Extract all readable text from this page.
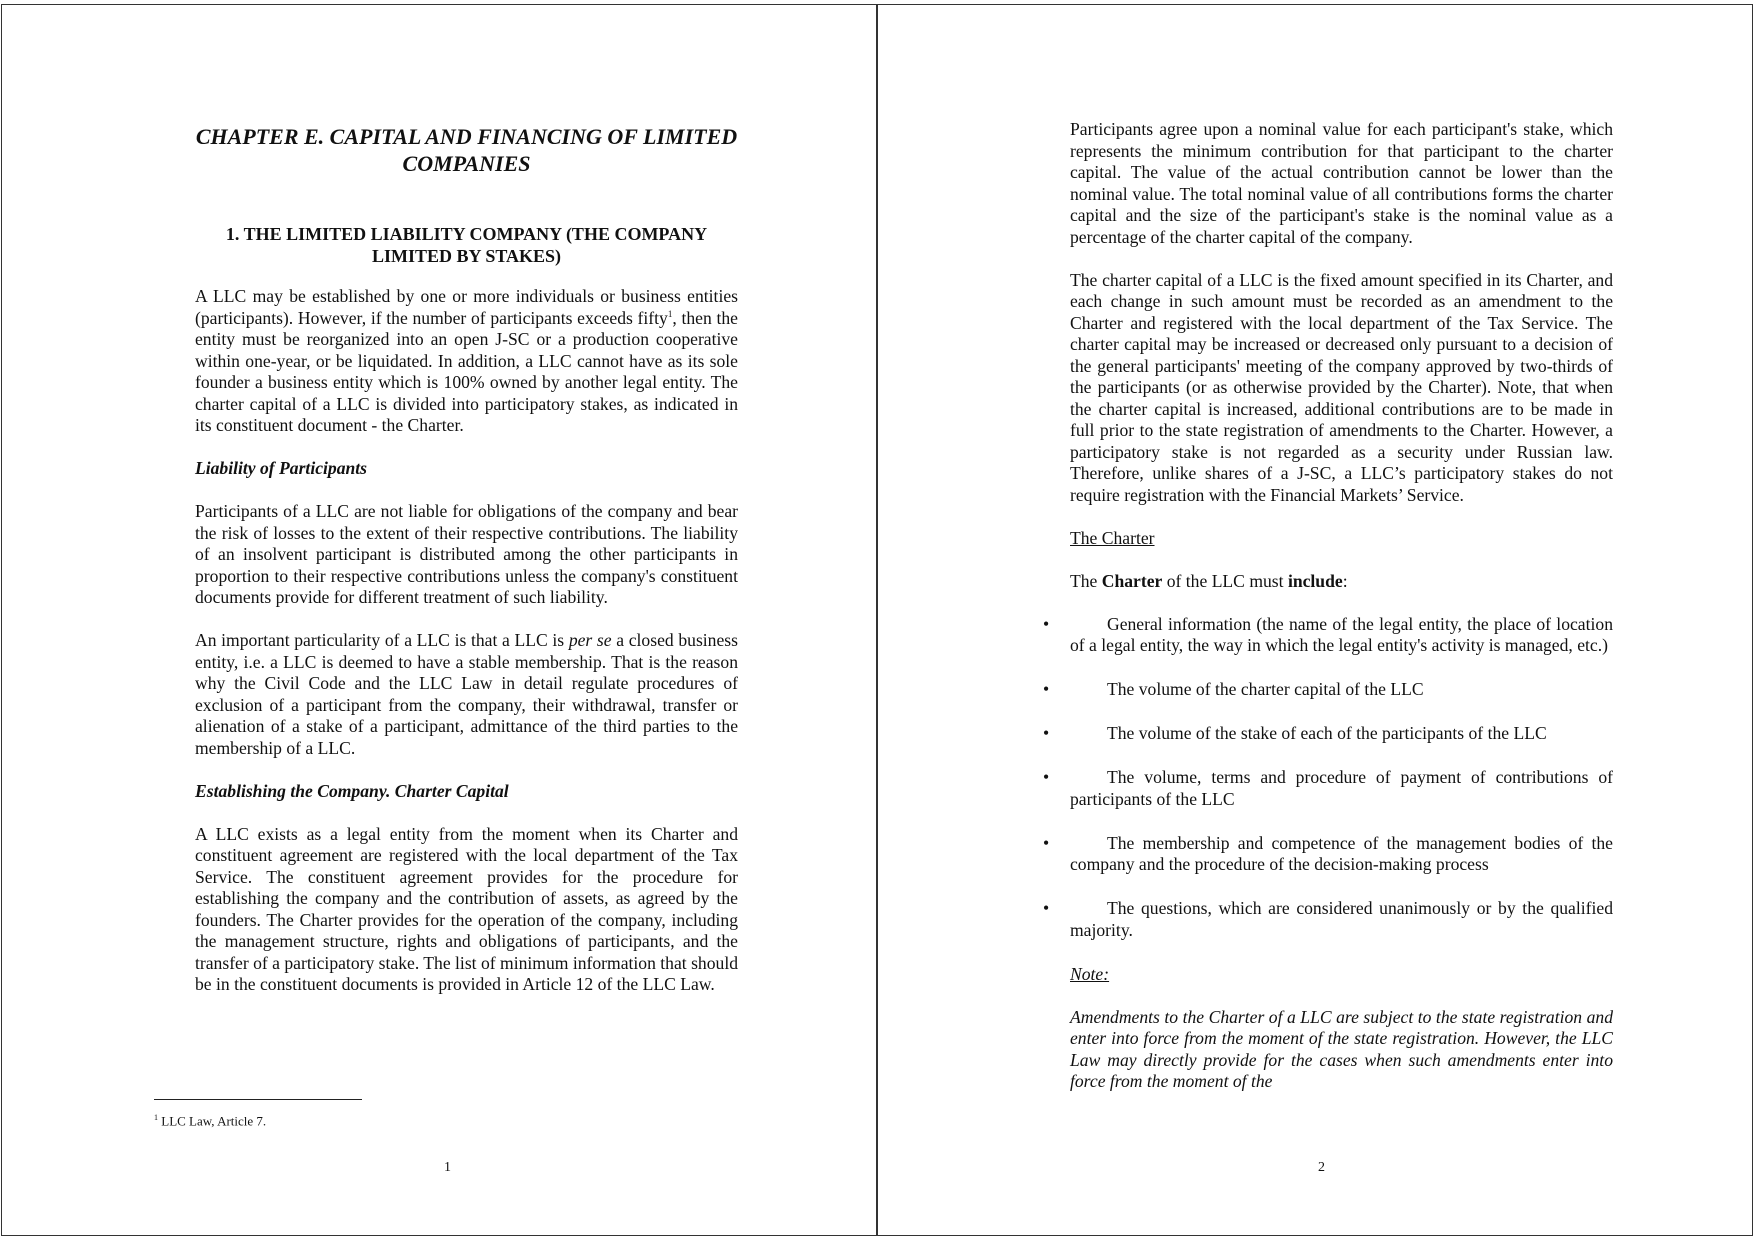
CHAPTER E. CAPITAL AND FINANCING OF LIMITED COMPANIES
1. THE LIMITED LIABILITY COMPANY (THE COMPANY LIMITED BY STAKES)

A LLC may be established by one or more individuals or business entities (participants). However, if the number of participants exceeds fifty$^1$, then the entity must be reorganized into an open J-SC or a production cooperative within one-year, or be liquidated. In addition, a LLC cannot have as its sole founder a business entity which is 100% owned by another legal entity. The charter capital of a LLC is divided into participatory stakes, as indicated in its constituent document - the Charter.

Liability of Participants

Participants of a LLC are not liable for obligations of the company and bear the risk of losses to the extent of their respective contributions. The liability of an insolvent participant is distributed among the other participants in proportion to their respective contributions unless the company's constituent documents provide for different treatment of such liability.

An important particularity of a LLC is that a LLC is per se a closed business entity, i.e. a LLC is deemed to have a stable membership. That is the reason why the Civil Code and the LLC Law in detail regulate procedures of exclusion of a participant from the company, their withdrawal, transfer or alienation of a stake of a participant, admittance of the third parties to the membership of a LLC.

Establishing the Company. Charter Capital

A LLC exists as a legal entity from the moment when its Charter and constituent agreement are registered with the local department of the Tax Service. The constituent agreement provides for the procedure for establishing the company and the contribution of assets, as agreed by the founders. The Charter provides for the operation of the company, including the management structure, rights and obligations of participants, and the transfer of a participatory stake. The list of minimum information that should be in the constituent documents is provided in Article 12 of the LLC Law.

$^1$ LLC Law, Article 7.
1

Participants agree upon a nominal value for each participant's stake, which represents the minimum contribution for that participant to the charter capital. The value of the actual contribution cannot be lower than the nominal value. The total nominal value of all contributions forms the charter capital and the size of the participant's stake is the nominal value as a percentage of the charter capital of the company.

The charter capital of a LLC is the fixed amount specified in its Charter, and each change in such amount must be recorded as an amendment to the Charter and registered with the local department of the Tax Service. The charter capital may be increased or decreased only pursuant to a decision of the general participants' meeting of the company approved by two-thirds of the participants (or as otherwise provided by the Charter). Note, that when the charter capital is increased, additional contributions are to be made in full prior to the state registration of amendments to the Charter. However, a participatory stake is not regarded as a security under Russian law. Therefore, unlike shares of a J-SC, a LLC’s participatory stakes do not require registration with the Financial Markets’ Service.

The Charter

The Charter of the LLC must include:

• General information (the name of the legal entity, the place of location of a legal entity, the way in which the legal entity's activity is managed, etc.)
• The volume of the charter capital of the LLC
• The volume of the stake of each of the participants of the LLC
• The volume, terms and procedure of payment of contributions of participants of the LLC
• The membership and competence of the management bodies of the company and the procedure of the decision-making process
• The questions, which are considered unanimously or by the qualified majority.

Note:

Amendments to the Charter of a LLC are subject to the state registration and enter into force from the moment of the state registration. However, the LLC Law may directly provide for the cases when such amendments enter into force from the moment of the

2
